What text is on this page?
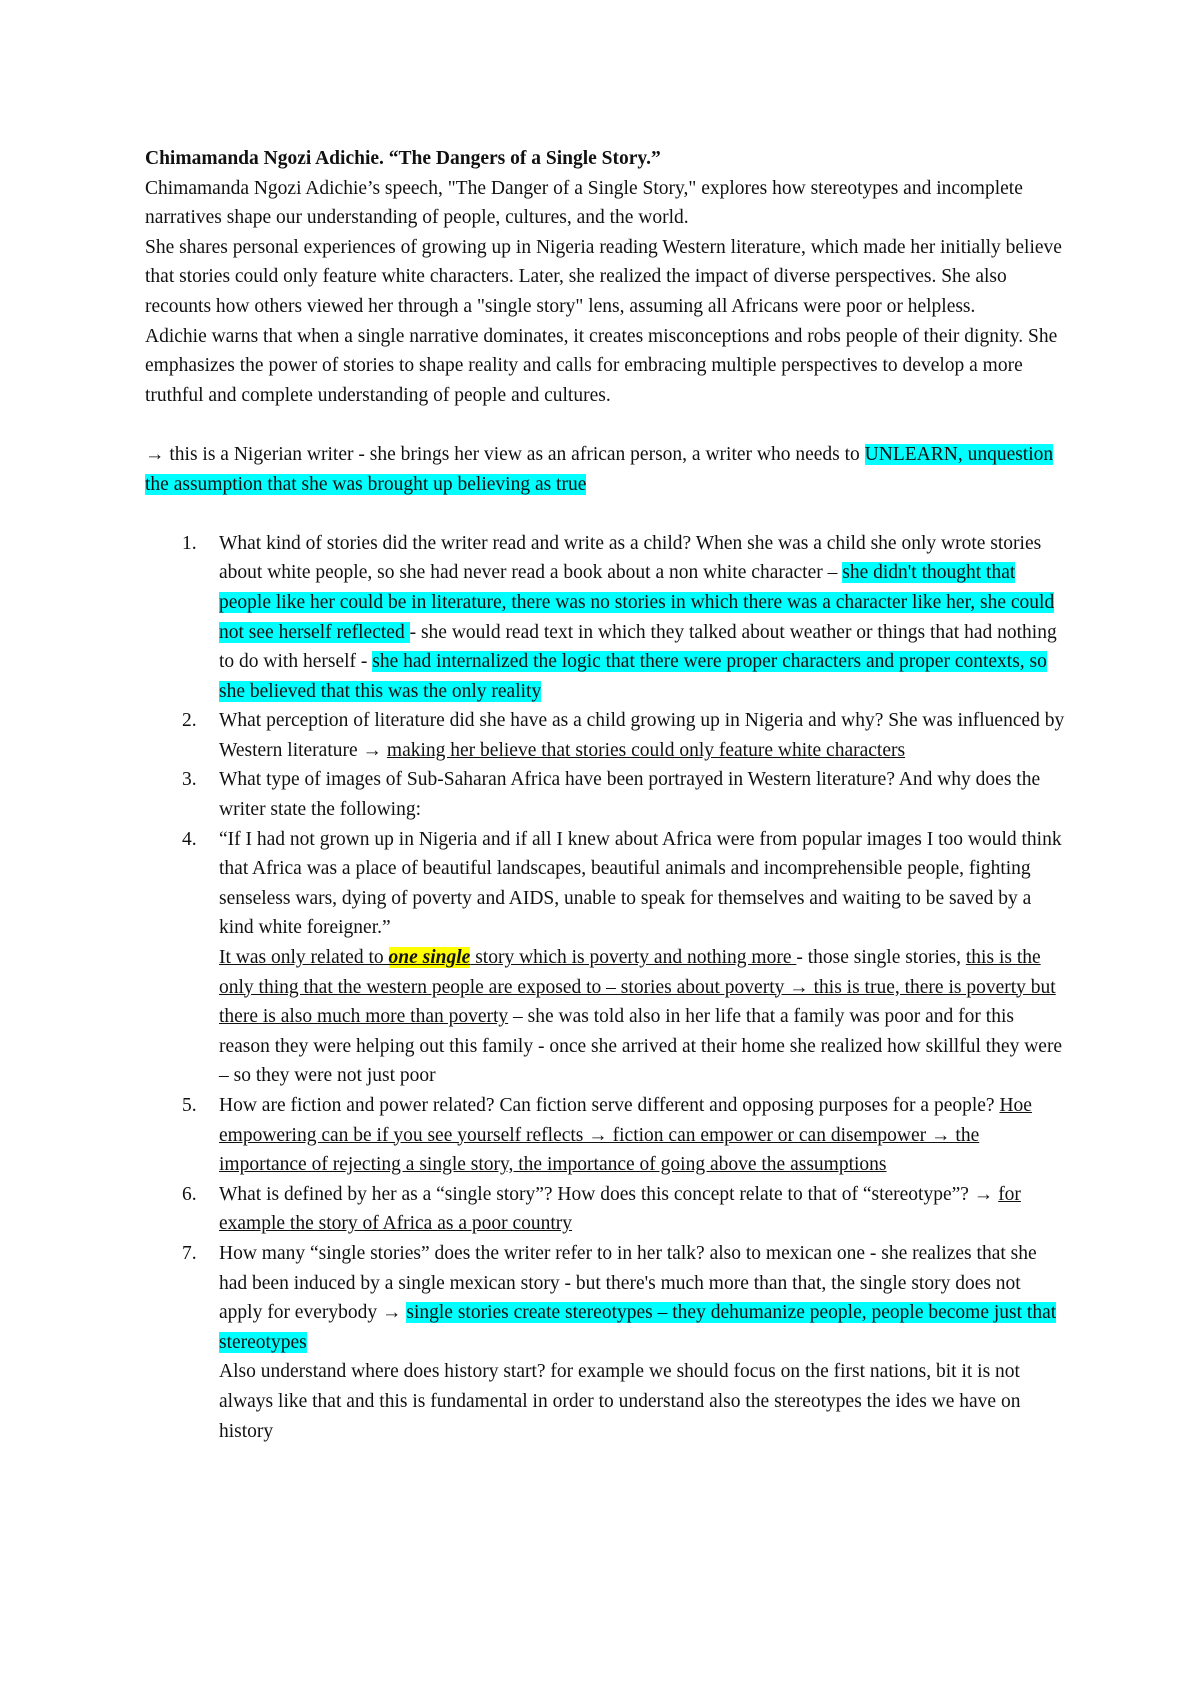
Chimamanda Ngozi Adichie. “The Dangers of a Single Story.”

Chimamanda Ngozi Adichie’s speech, "The Danger of a Single Story," explores how stereotypes and incomplete narratives shape our understanding of people, cultures, and the world.

She shares personal experiences of growing up in Nigeria reading Western literature, which made her initially believe that stories could only feature white characters. Later, she realized the impact of diverse perspectives. She also recounts how others viewed her through a "single story" lens, assuming all Africans were poor or helpless.

Adichie warns that when a single narrative dominates, it creates misconceptions and robs people of their dignity. She emphasizes the power of stories to shape reality and calls for embracing multiple perspectives to develop a more truthful and complete understanding of people and cultures.

→ this is a Nigerian writer - she brings her view as an african person, a writer who needs to UNLEARN, unquestion the assumption that she was brought up believing as true

1. What kind of stories did the writer read and write as a child? When she was a child she only wrote stories about white people, so she had never read a book about a non white character – she didn't thought that people like her could be in literature, there was no stories in which there was a character like her, she could not see herself reflected - she would read text in which they talked about weather or things that had nothing to do with herself - she had internalized the logic that there were proper characters and proper contexts, so she believed that this was the only reality
2. What perception of literature did she have as a child growing up in Nigeria and why? She was influenced by Western literature → making her believe that stories could only feature white characters
3. What type of images of Sub-Saharan Africa have been portrayed in Western literature? And why does the writer state the following:
4. “If I had not grown up in Nigeria and if all I knew about Africa were from popular images I too would think that Africa was a place of beautiful landscapes, beautiful animals and incomprehensible people, fighting senseless wars, dying of poverty and AIDS, unable to speak for themselves and waiting to be saved by a kind white foreigner.”
It was only related to one single story which is poverty and nothing more - those single stories, this is the only thing that the western people are exposed to – stories about poverty → this is true, there is poverty but there is also much more than poverty – she was told also in her life that a family was poor and for this reason they were helping out this family - once she arrived at their home she realized how skillful they were – so they were not just poor
5. How are fiction and power related? Can fiction serve different and opposing purposes for a people? Hoe empowering can be if you see yourself reflects → fiction can empower or can disempower → the importance of rejecting a single story, the importance of going above the assumptions
6. What is defined by her as a “single story”? How does this concept relate to that of “stereotype”? → for example the story of Africa as a poor country
7. How many “single stories” does the writer refer to in her talk? also to mexican one - she realizes that she had been induced by a single mexican story - but there's much more than that, the single story does not apply for everybody → single stories create stereotypes – they dehumanize people, people become just that stereotypes
Also understand where does history start? for example we should focus on the first nations, bit it is not always like that and this is fundamental in order to understand also the stereotypes the ides we have on history
